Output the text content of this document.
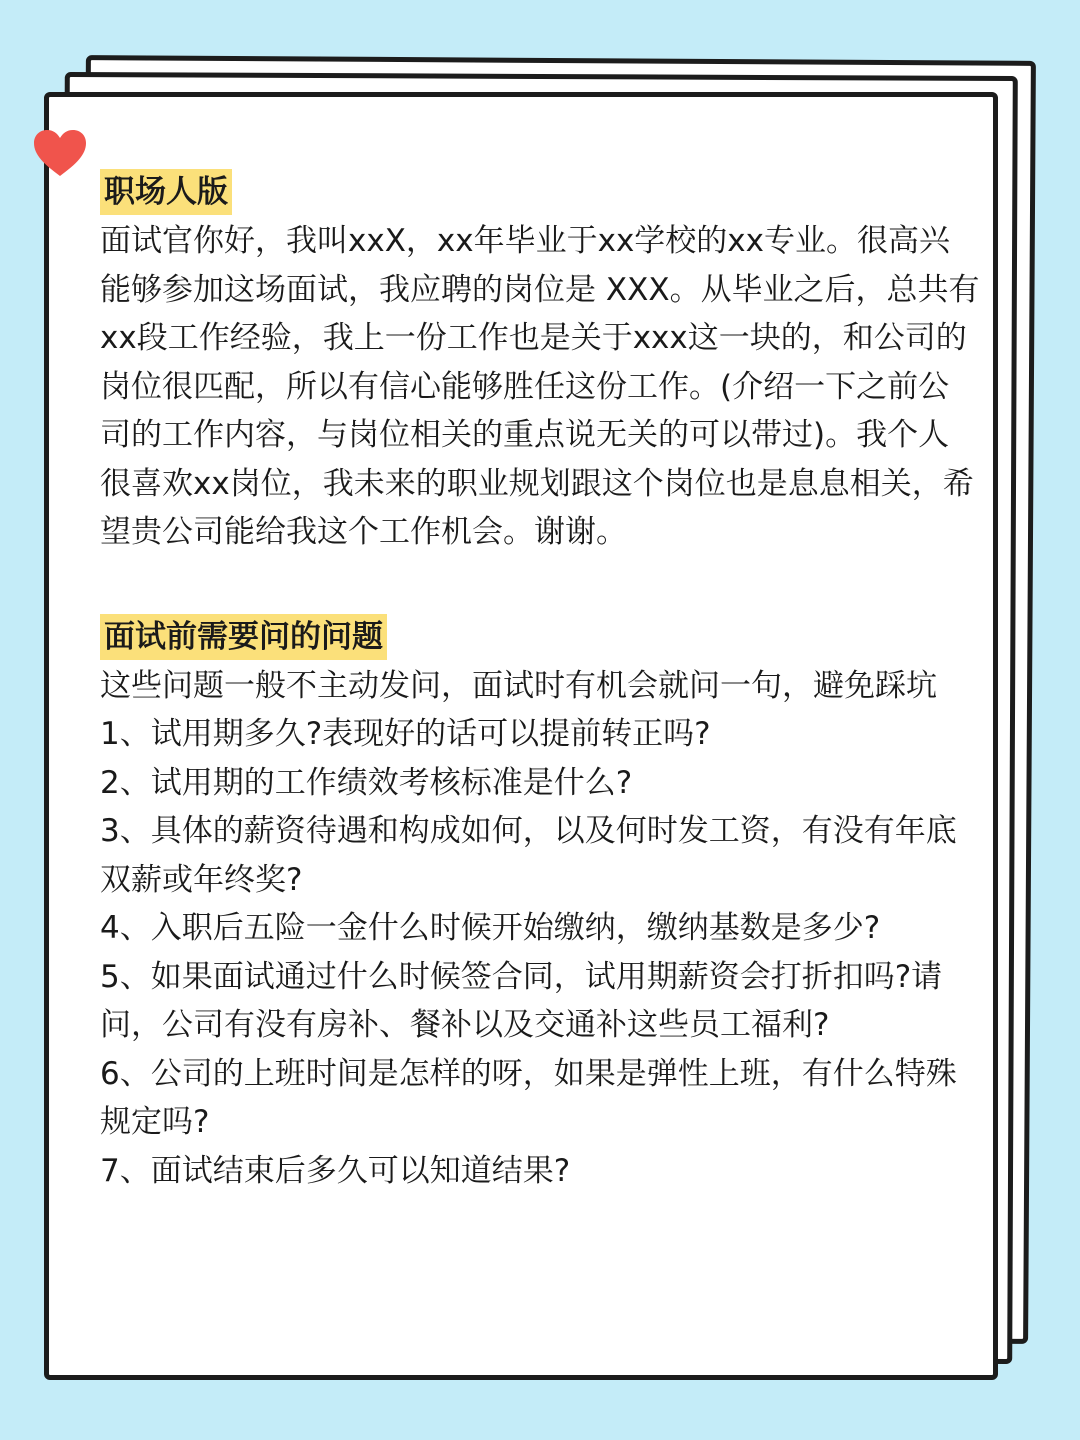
职场人版

面试官你好，我叫xxX，xx年毕业于xx学校的xx专业。很高兴能够参加这场面试，我应聘的岗位是 XXX。从毕业之后，总共有xx段工作经验，我上一份工作也是关于xxx这一块的，和公司的岗位很匹配，所以有信心能够胜任这份工作。(介绍一下之前公司的工作内容，与岗位相关的重点说无关的可以带过)。我个人很喜欢xx岗位，我未来的职业规划跟这个岗位也是息息相关，希望贵公司能给我这个工作机会。谢谢。

面试前需要问的问题

这些问题一般不主动发问，面试时有机会就问一句，避免踩坑

1、试用期多久?表现好的话可以提前转正吗?
2、试用期的工作绩效考核标准是什么?
3、具体的薪资待遇和构成如何，以及何时发工资，有没有年底双薪或年终奖?
4、入职后五险一金什么时候开始缴纳，缴纳基数是多少?
5、如果面试通过什么时候签合同，试用期薪资会打折扣吗?请问，公司有没有房补、餐补以及交通补这些员工福利?
6、公司的上班时间是怎样的呀，如果是弹性上班，有什么特殊规定吗?
7、面试结束后多久可以知道结果?
